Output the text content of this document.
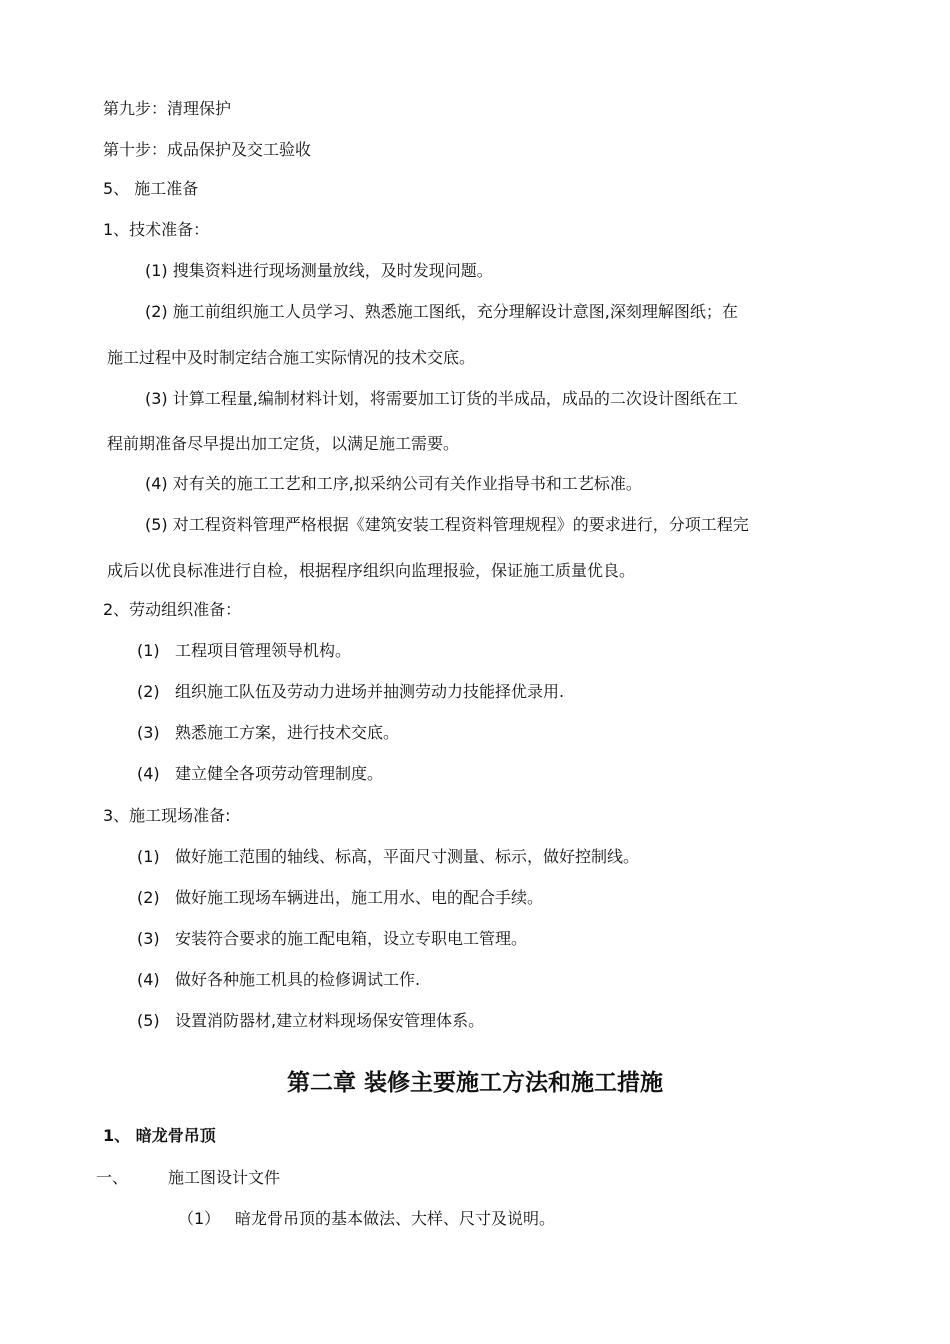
第九步：清理保护
第十步：成品保护及交工验收
5、 施工准备
1、技术准备：
(1) 搜集资料进行现场测量放线，及时发现问题。
(2) 施工前组织施工人员学习、熟悉施工图纸，充分理解设计意图,深刻理解图纸；在
施工过程中及时制定结合施工实际情况的技术交底。
(3) 计算工程量,编制材料计划，将需要加工订货的半成品，成品的二次设计图纸在工
程前期准备尽早提出加工定货，以满足施工需要。
(4) 对有关的施工工艺和工序,拟采纳公司有关作业指导书和工艺标准。
(5) 对工程资料管理严格根据《建筑安装工程资料管理规程》的要求进行，分项工程完
成后以优良标准进行自检，根据程序组织向监理报验，保证施工质量优良。
2、劳动组织准备：
(1) 工程项目管理领导机构。
(2) 组织施工队伍及劳动力进场并抽测劳动力技能择优录用.
(3) 熟悉施工方案，进行技术交底。
(4) 建立健全各项劳动管理制度。
3、施工现场准备:
(1) 做好施工范围的轴线、标高，平面尺寸测量、标示，做好控制线。
(2) 做好施工现场车辆进出，施工用水、电的配合手续。
(3) 安装符合要求的施工配电箱，设立专职电工管理。
(4) 做好各种施工机具的检修调试工作.
(5) 设置消防器材,建立材料现场保安管理体系。
第二章 装修主要施工方法和施工措施
1、 暗龙骨吊顶
一、 施工图设计文件
（1） 暗龙骨吊顶的基本做法、大样、尺寸及说明。
